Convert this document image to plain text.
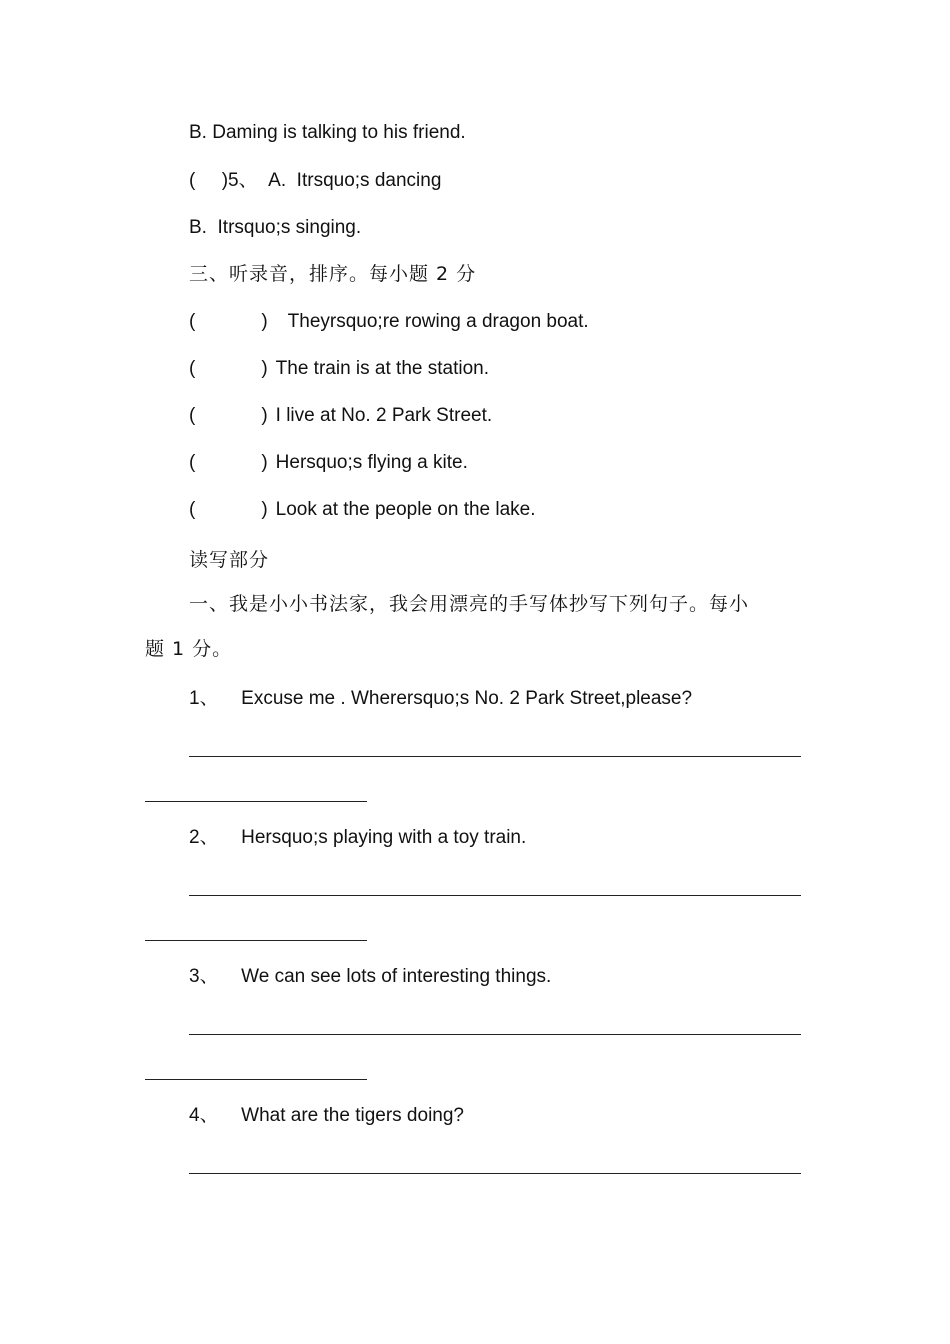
B. Daming is talking to his friend.
(     )5、  A.  Itrsquo;s dancing
B.  Itrsquo;s singing.
三、听录音，排序。每小题 2 分
(	) Theyrsquo;re rowing a dragon boat.
(	) The train is at the station.
(	) I live at No. 2 Park Street.
(	) Hersquo;s flying a kite.
(	) Look at the people on the lake.
读写部分
一、我是小小书法家，我会用漂亮的手写体抄写下列句子。每小
题 1 分。
1、 Excuse me . Wherersquo;s No. 2 Park Street,please?
2、 Hersquo;s playing with a toy train.
3、 We can see lots of interesting things.
4、 What are the tigers doing?
